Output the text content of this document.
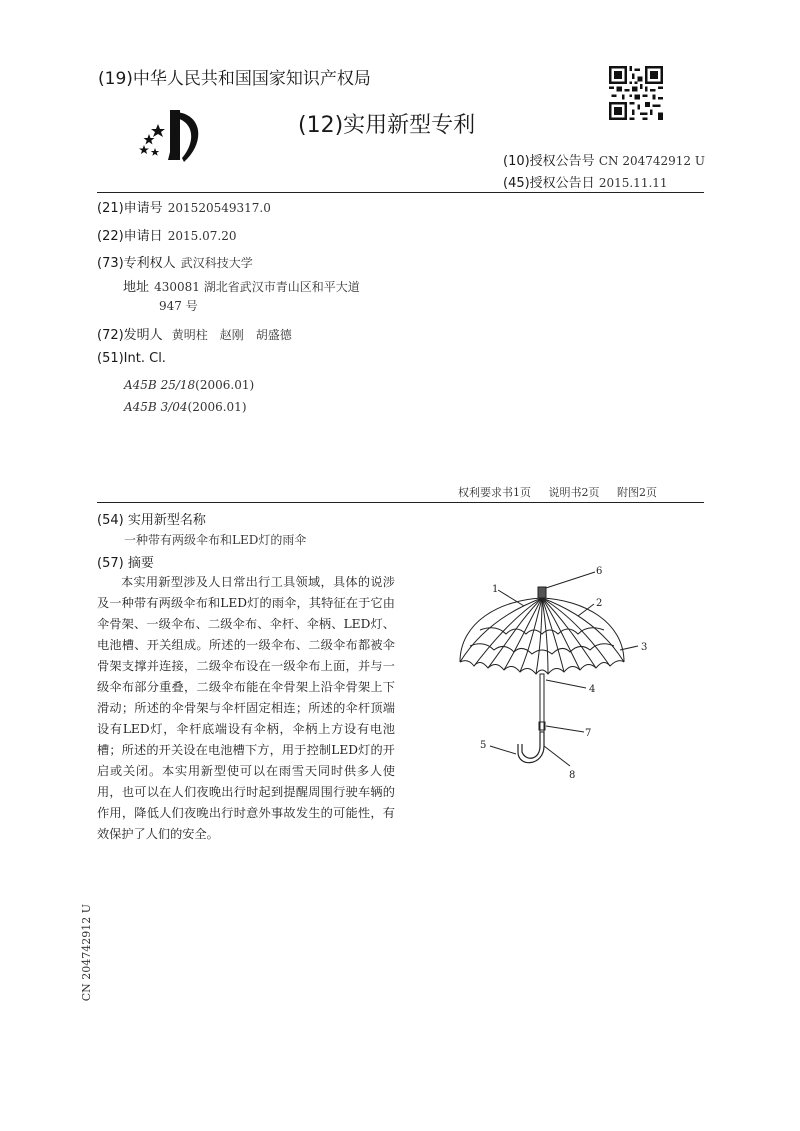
(19)中华人民共和国国家知识产权局
(12)实用新型专利
(10)授权公告号 CN 204742912 U
(45)授权公告日 2015.11.11
(21)申请号 201520549317.0
(22)申请日 2015.07.20
(73)专利权人 武汉科技大学
地址 430081 湖北省武汉市青山区和平大道
947 号
(72)发明人 黄明柱　赵刚　胡盛德
(51)Int. Cl.
A45B 25/18(2006.01)
A45B 3/04(2006.01)
权利要求书1页 说明书2页 附图2页
(54) 实用新型名称
一种带有两级伞布和LED灯的雨伞
(57) 摘要
本实用新型涉及人日常出行工具领域，具体的说涉及一种带有两级伞布和LED灯的雨伞，其特征在于它由伞骨架、一级伞布、二级伞布、伞杆、伞柄、LED灯、电池槽、开关组成。所述的一级伞布、二级伞布都被伞骨架支撑并连接，二级伞布设在一级伞布上面，并与一级伞布部分重叠，二级伞布能在伞骨架上沿伞骨架上下滑动；所述的伞骨架与伞杆固定相连；所述的伞杆顶端设有LED灯，伞杆底端设有伞柄，伞柄上方设有电池槽；所述的开关设在电池槽下方，用于控制LED灯的开启或关闭。本实用新型使可以在雨雪天同时供多人使用，也可以在人们夜晚出行时起到提醒周围行驶车辆的作用，降低人们夜晚出行时意外事故发生的可能性，有效保护了人们的安全。
1
2
3
4
5
6
7
8
CN 204742912 U
